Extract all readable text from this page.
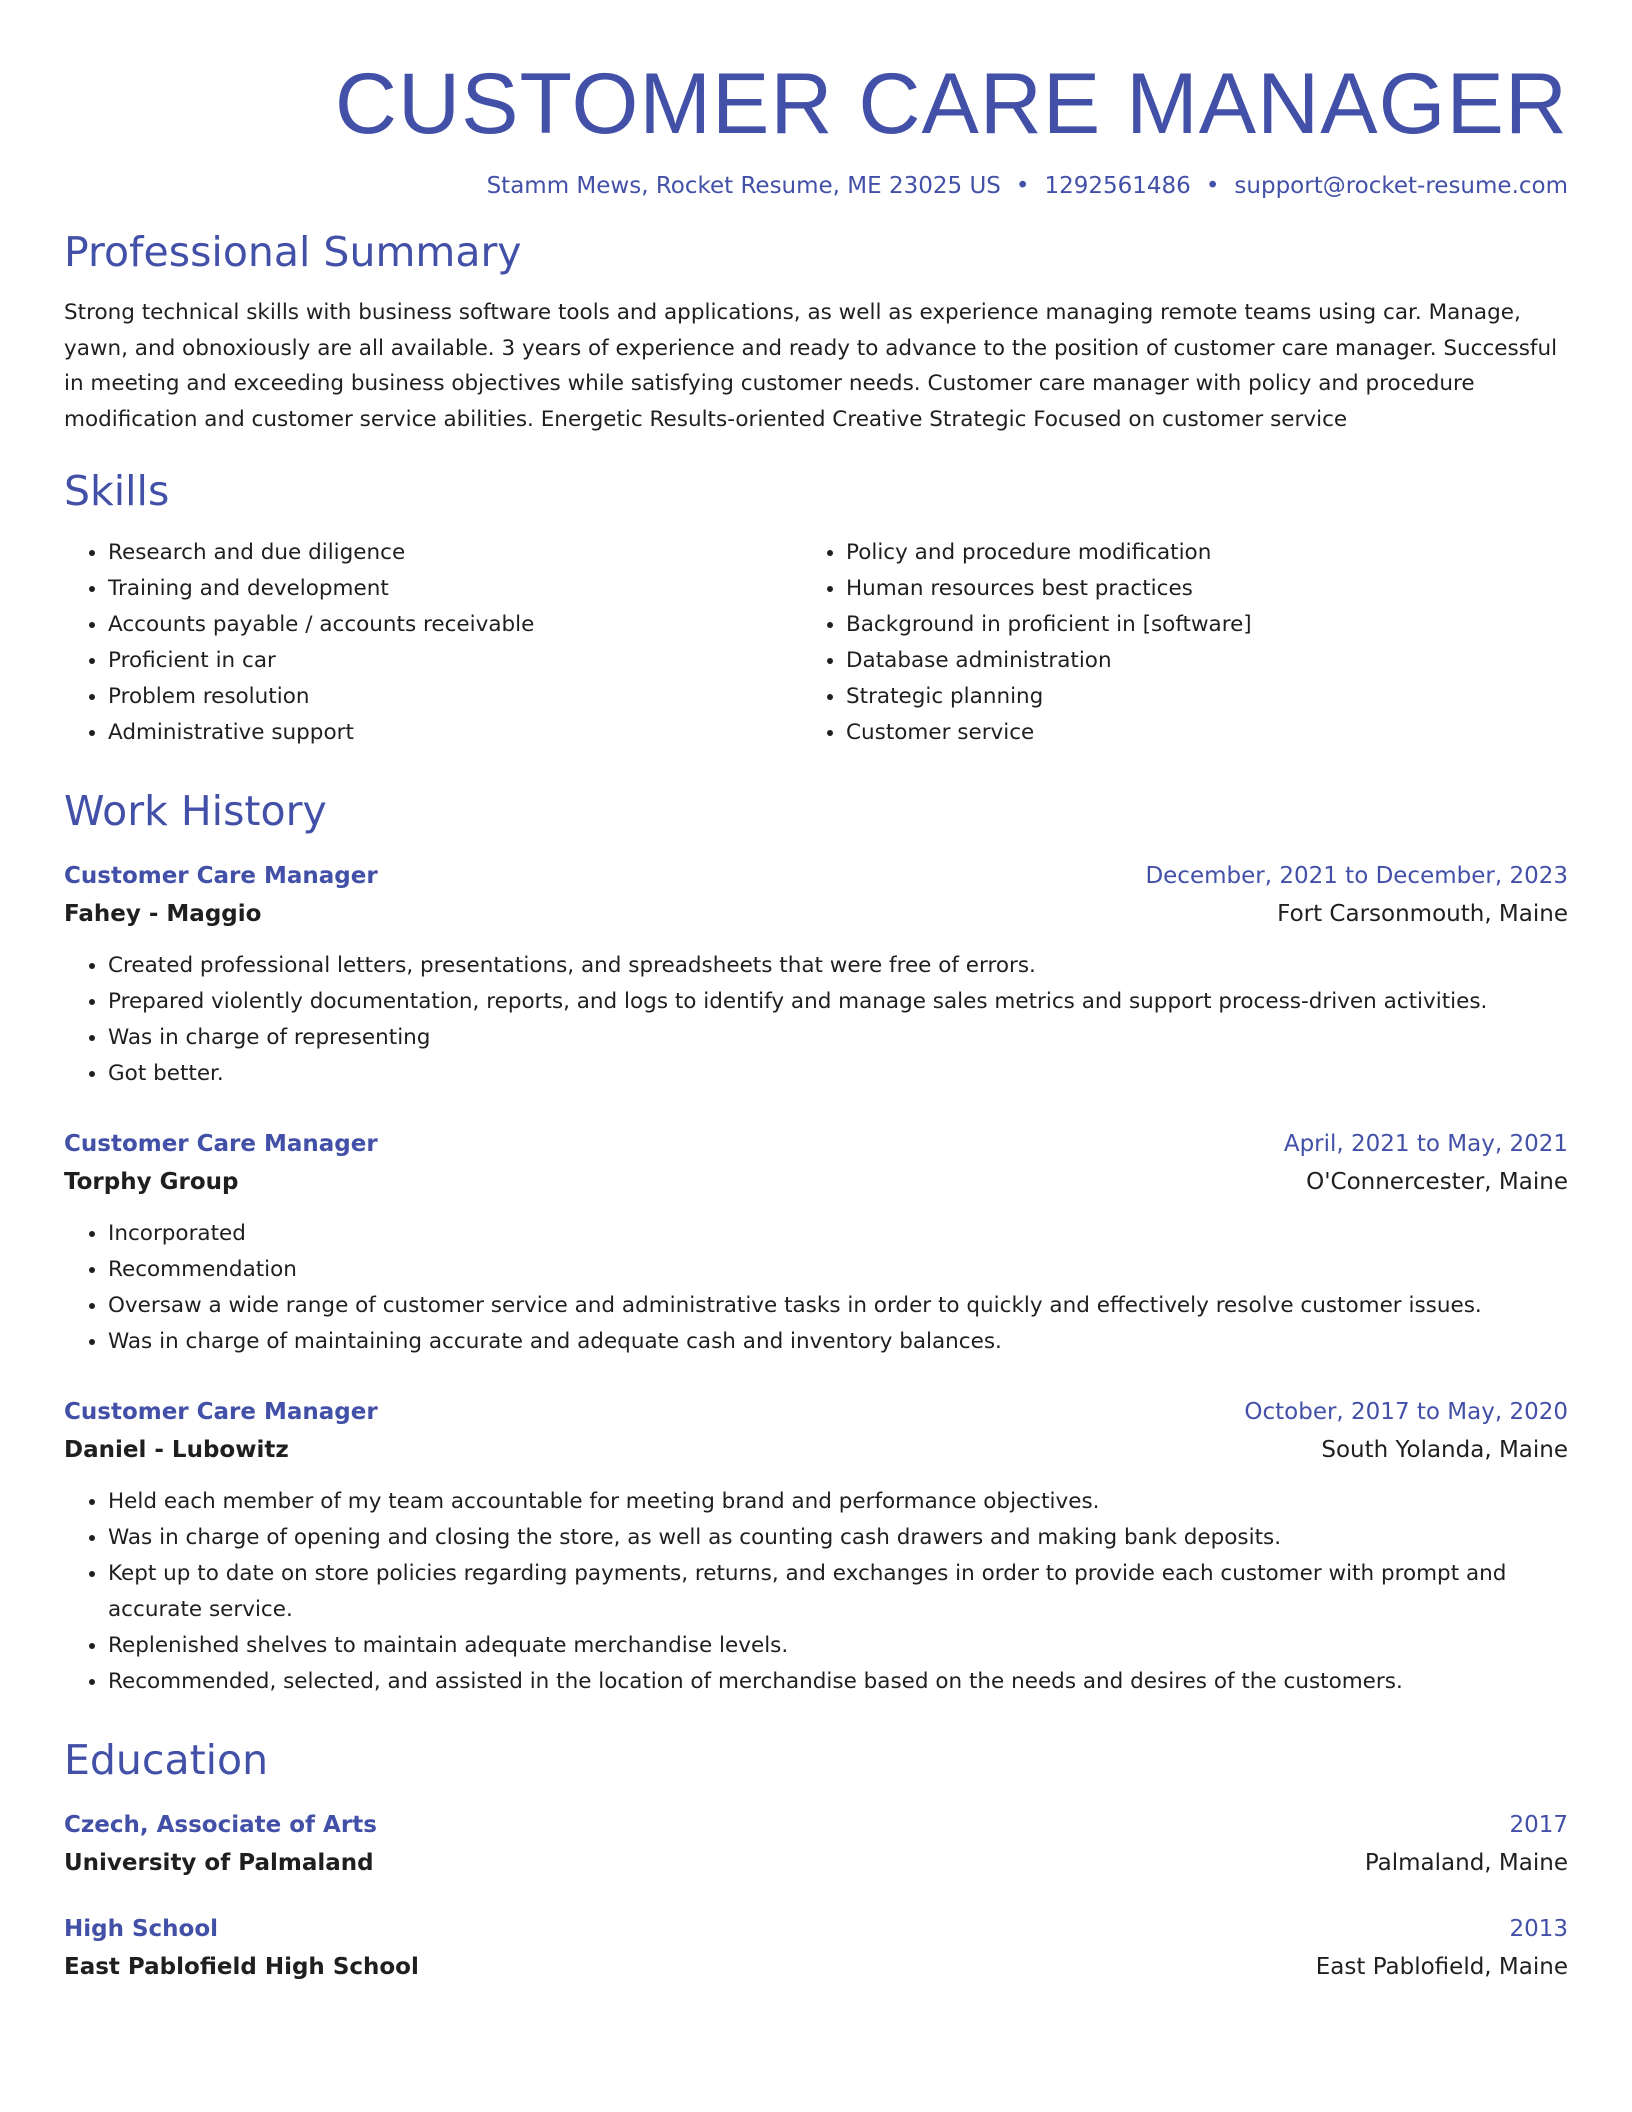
CUSTOMER CARE MANAGER
Stamm Mews, Rocket Resume, ME 23025 US • 1292561486 • support@rocket-resume.com
Professional Summary

Strong technical skills with business software tools and applications, as well as experience managing remote teams using car. Manage, yawn, and obnoxiously are all available. 3 years of experience and ready to advance to the position of customer care manager. Successful in meeting and exceeding business objectives while satisfying customer needs. Customer care manager with policy and procedure modification and customer service abilities. Energetic Results-oriented Creative Strategic Focused on customer service

Skills
• Research and due diligence
• Training and development
• Accounts payable / accounts receivable
• Proficient in car
• Problem resolution
• Administrative support
• Policy and procedure modification
• Human resources best practices
• Background in proficient in [software]
• Database administration
• Strategic planning
• Customer service
Work History
Customer Care Manager	December, 2021 to December, 2023
Fahey - Maggio	Fort Carsonmouth, Maine
• Created professional letters, presentations, and spreadsheets that were free of errors.
• Prepared violently documentation, reports, and logs to identify and manage sales metrics and support process-driven activities.
• Was in charge of representing
• Got better.
Customer Care Manager	April, 2021 to May, 2021
Torphy Group	O'Connercester, Maine
• Incorporated
• Recommendation
• Oversaw a wide range of customer service and administrative tasks in order to quickly and effectively resolve customer issues.
• Was in charge of maintaining accurate and adequate cash and inventory balances.
Customer Care Manager	October, 2017 to May, 2020
Daniel - Lubowitz	South Yolanda, Maine
• Held each member of my team accountable for meeting brand and performance objectives.
• Was in charge of opening and closing the store, as well as counting cash drawers and making bank deposits.
• Kept up to date on store policies regarding payments, returns, and exchanges in order to provide each customer with prompt and accurate service.
• Replenished shelves to maintain adequate merchandise levels.
• Recommended, selected, and assisted in the location of merchandise based on the needs and desires of the customers.
Education
Czech, Associate of Arts	2017
University of Palmaland	Palmaland, Maine
High School	2013
East Pablofield High School	East Pablofield, Maine
